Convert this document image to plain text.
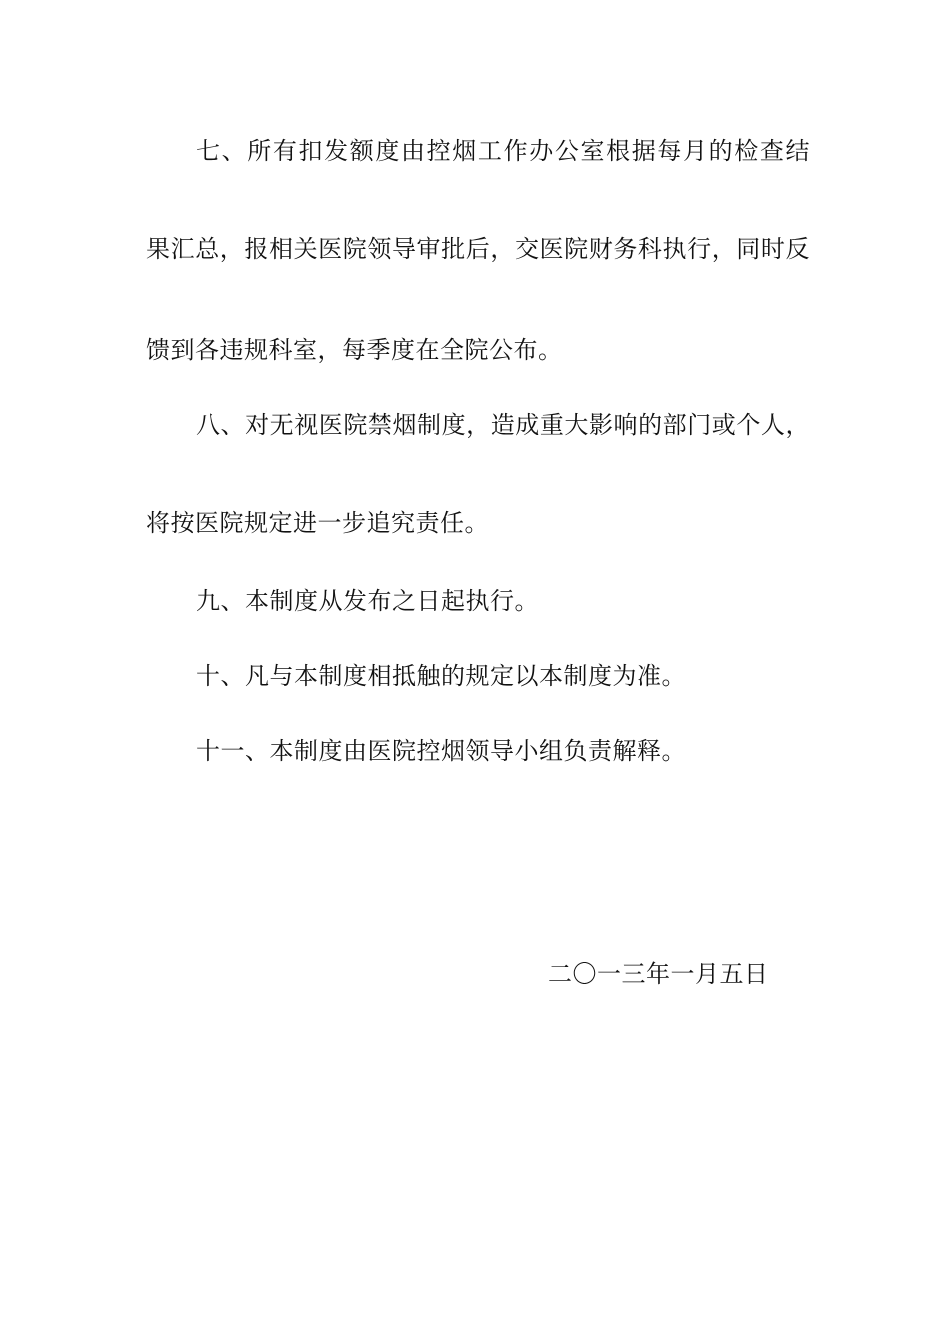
七、所有扣发额度由控烟工作办公室根据每月的检查结
果汇总，报相关医院领导审批后，交医院财务科执行，同时反
馈到各违规科室，每季度在全院公布。
八、对无视医院禁烟制度，造成重大影响的部门或个人，
将按医院规定进一步追究责任。
九、本制度从发布之日起执行。
十、凡与本制度相抵触的规定以本制度为准。
十一、本制度由医院控烟领导小组负责解释。
二〇一三年一月五日
